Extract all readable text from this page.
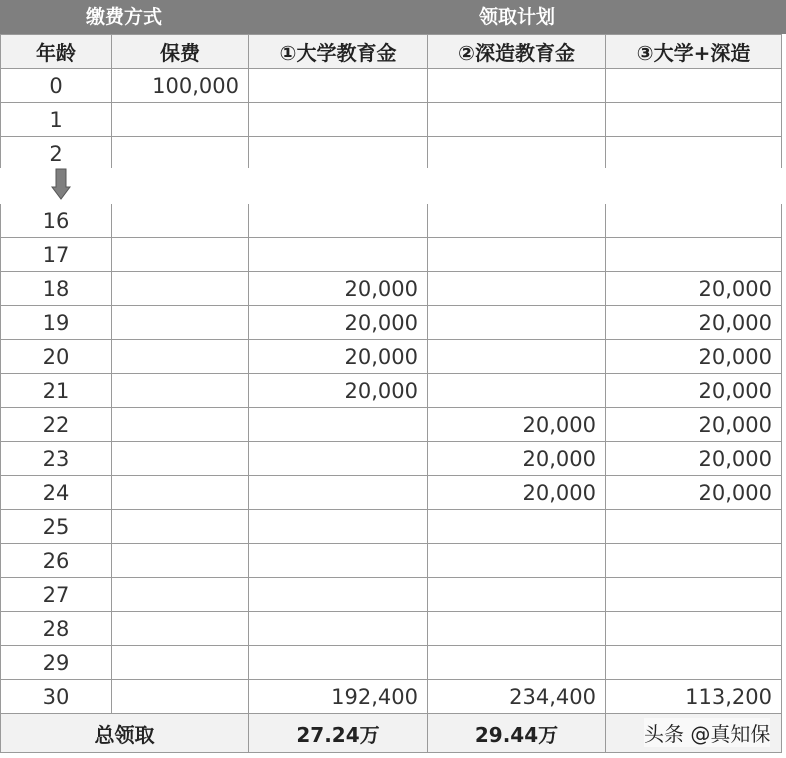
缴费方式	领取计划
年龄	保费	①大学教育金	②深造教育金	③大学+深造
0	100,000			
1				
2				
16				
17				
18		20,000		20,000
19		20,000		20,000
20		20,000		20,000
21		20,000		20,000
22			20,000	20,000
23			20,000	20,000
24			20,000	20,000
25				
26				
27				
28				
29				
30		192,400	234,400	113,200
总领取		27.24万	29.44万		头条 @真知保
